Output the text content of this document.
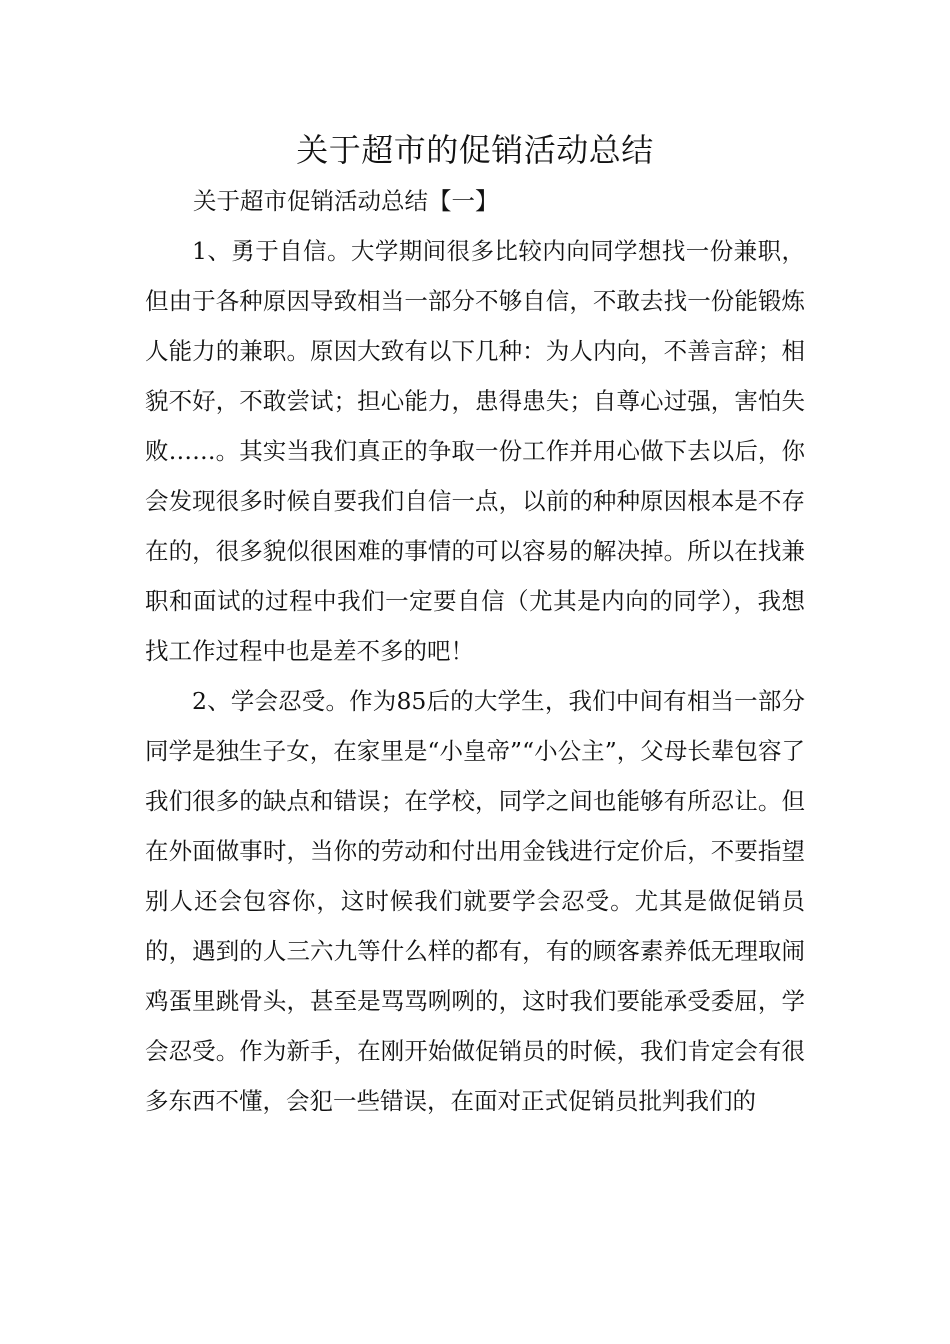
关于超市的促销活动总结
关于超市促销活动总结【一】

1、勇于自信。大学期间很多比较内向同学想找一份兼职，但由于各种原因导致相当一部分不够自信，不敢去找一份能锻炼人能力的兼职。原因大致有以下几种：为人内向，不善言辞；相貌不好，不敢尝试；担心能力，患得患失；自尊心过强，害怕失败……。其实当我们真正的争取一份工作并用心做下去以后，你会发现很多时候自要我们自信一点，以前的种种原因根本是不存在的，很多貌似很困难的事情的可以容易的解决掉。所以在找兼职和面试的过程中我们一定要自信（尤其是内向的同学），我想找工作过程中也是差不多的吧！

2、学会忍受。作为85后的大学生，我们中间有相当一部分同学是独生子女，在家里是“小皇帝”“小公主”，父母长辈包容了我们很多的缺点和错误；在学校，同学之间也能够有所忍让。但在外面做事时，当你的劳动和付出用金钱进行定价后，不要指望别人还会包容你，这时候我们就要学会忍受。尤其是做促销员的，遇到的人三六九等什么样的都有，有的顾客素养低无理取闹鸡蛋里跳骨头，甚至是骂骂咧咧的，这时我们要能承受委屈，学会忍受。作为新手，在刚开始做促销员的时候，我们肯定会有很多东西不懂，会犯一些错误，在面对正式促销员批判我们的
